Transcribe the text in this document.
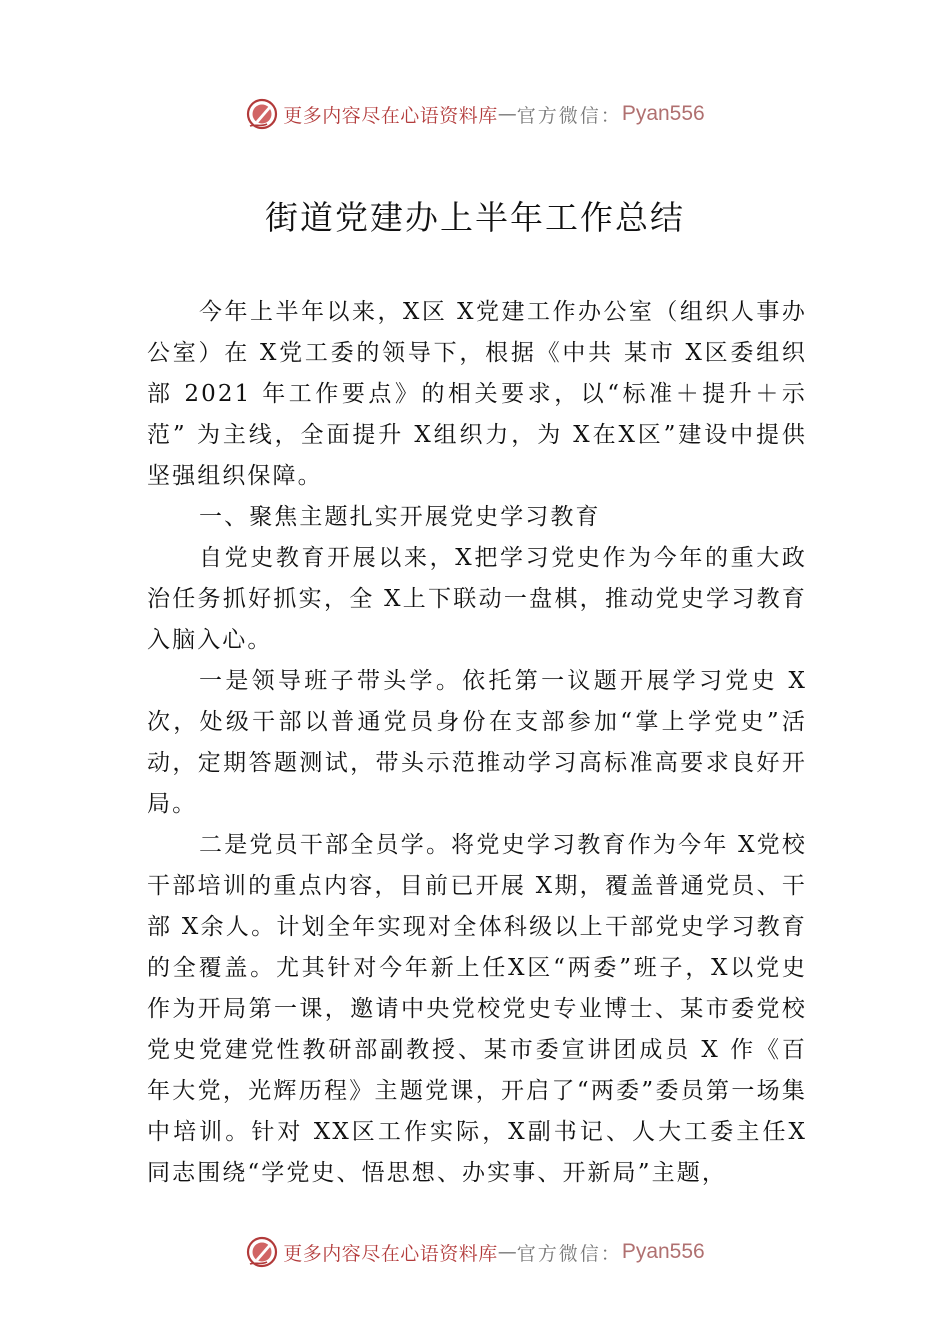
更多内容尽在心语资料库 — 官方微信： Pyan556
街道党建办上半年工作总结

今年上半年以来，X区 X党建工作办公室（组织人事办公室）在 X党工委的领导下，根据《中共 某市 X区委组织部 2021 年工作要点》的相关要求，以“标准＋提升＋示范” 为主线，全面提升 X组织力，为 X在X区”建设中提供坚强组织保障。

一、聚焦主题扎实开展党史学习教育

自党史教育开展以来，X把学习党史作为今年的重大政治任务抓好抓实，全 X上下联动一盘棋，推动党史学习教育入脑入心。

一是领导班子带头学。依托第一议题开展学习党史 X次，处级干部以普通党员身份在支部参加“掌上学党史”活动，定期答题测试，带头示范推动学习高标准高要求良好开局。

二是党员干部全员学。将党史学习教育作为今年 X党校干部培训的重点内容，目前已开展 X期，覆盖普通党员、干部 X余人。计划全年实现对全体科级以上干部党史学习教育的全覆盖。尤其针对今年新上任X区“两委”班子，X以党史作为开局第一课，邀请中央党校党史专业博士、某市委党校党史党建党性教研部副教授、某市委宣讲团成员 X 作《百年大党，光辉历程》主题党课，开启了“两委”委员第一场集中培训。针对 XX区工作实际，X副书记、人大工委主任X同志围绕“学党史、悟思想、办实事、开新局”主题，

更多内容尽在心语资料库 — 官方微信： Pyan556
